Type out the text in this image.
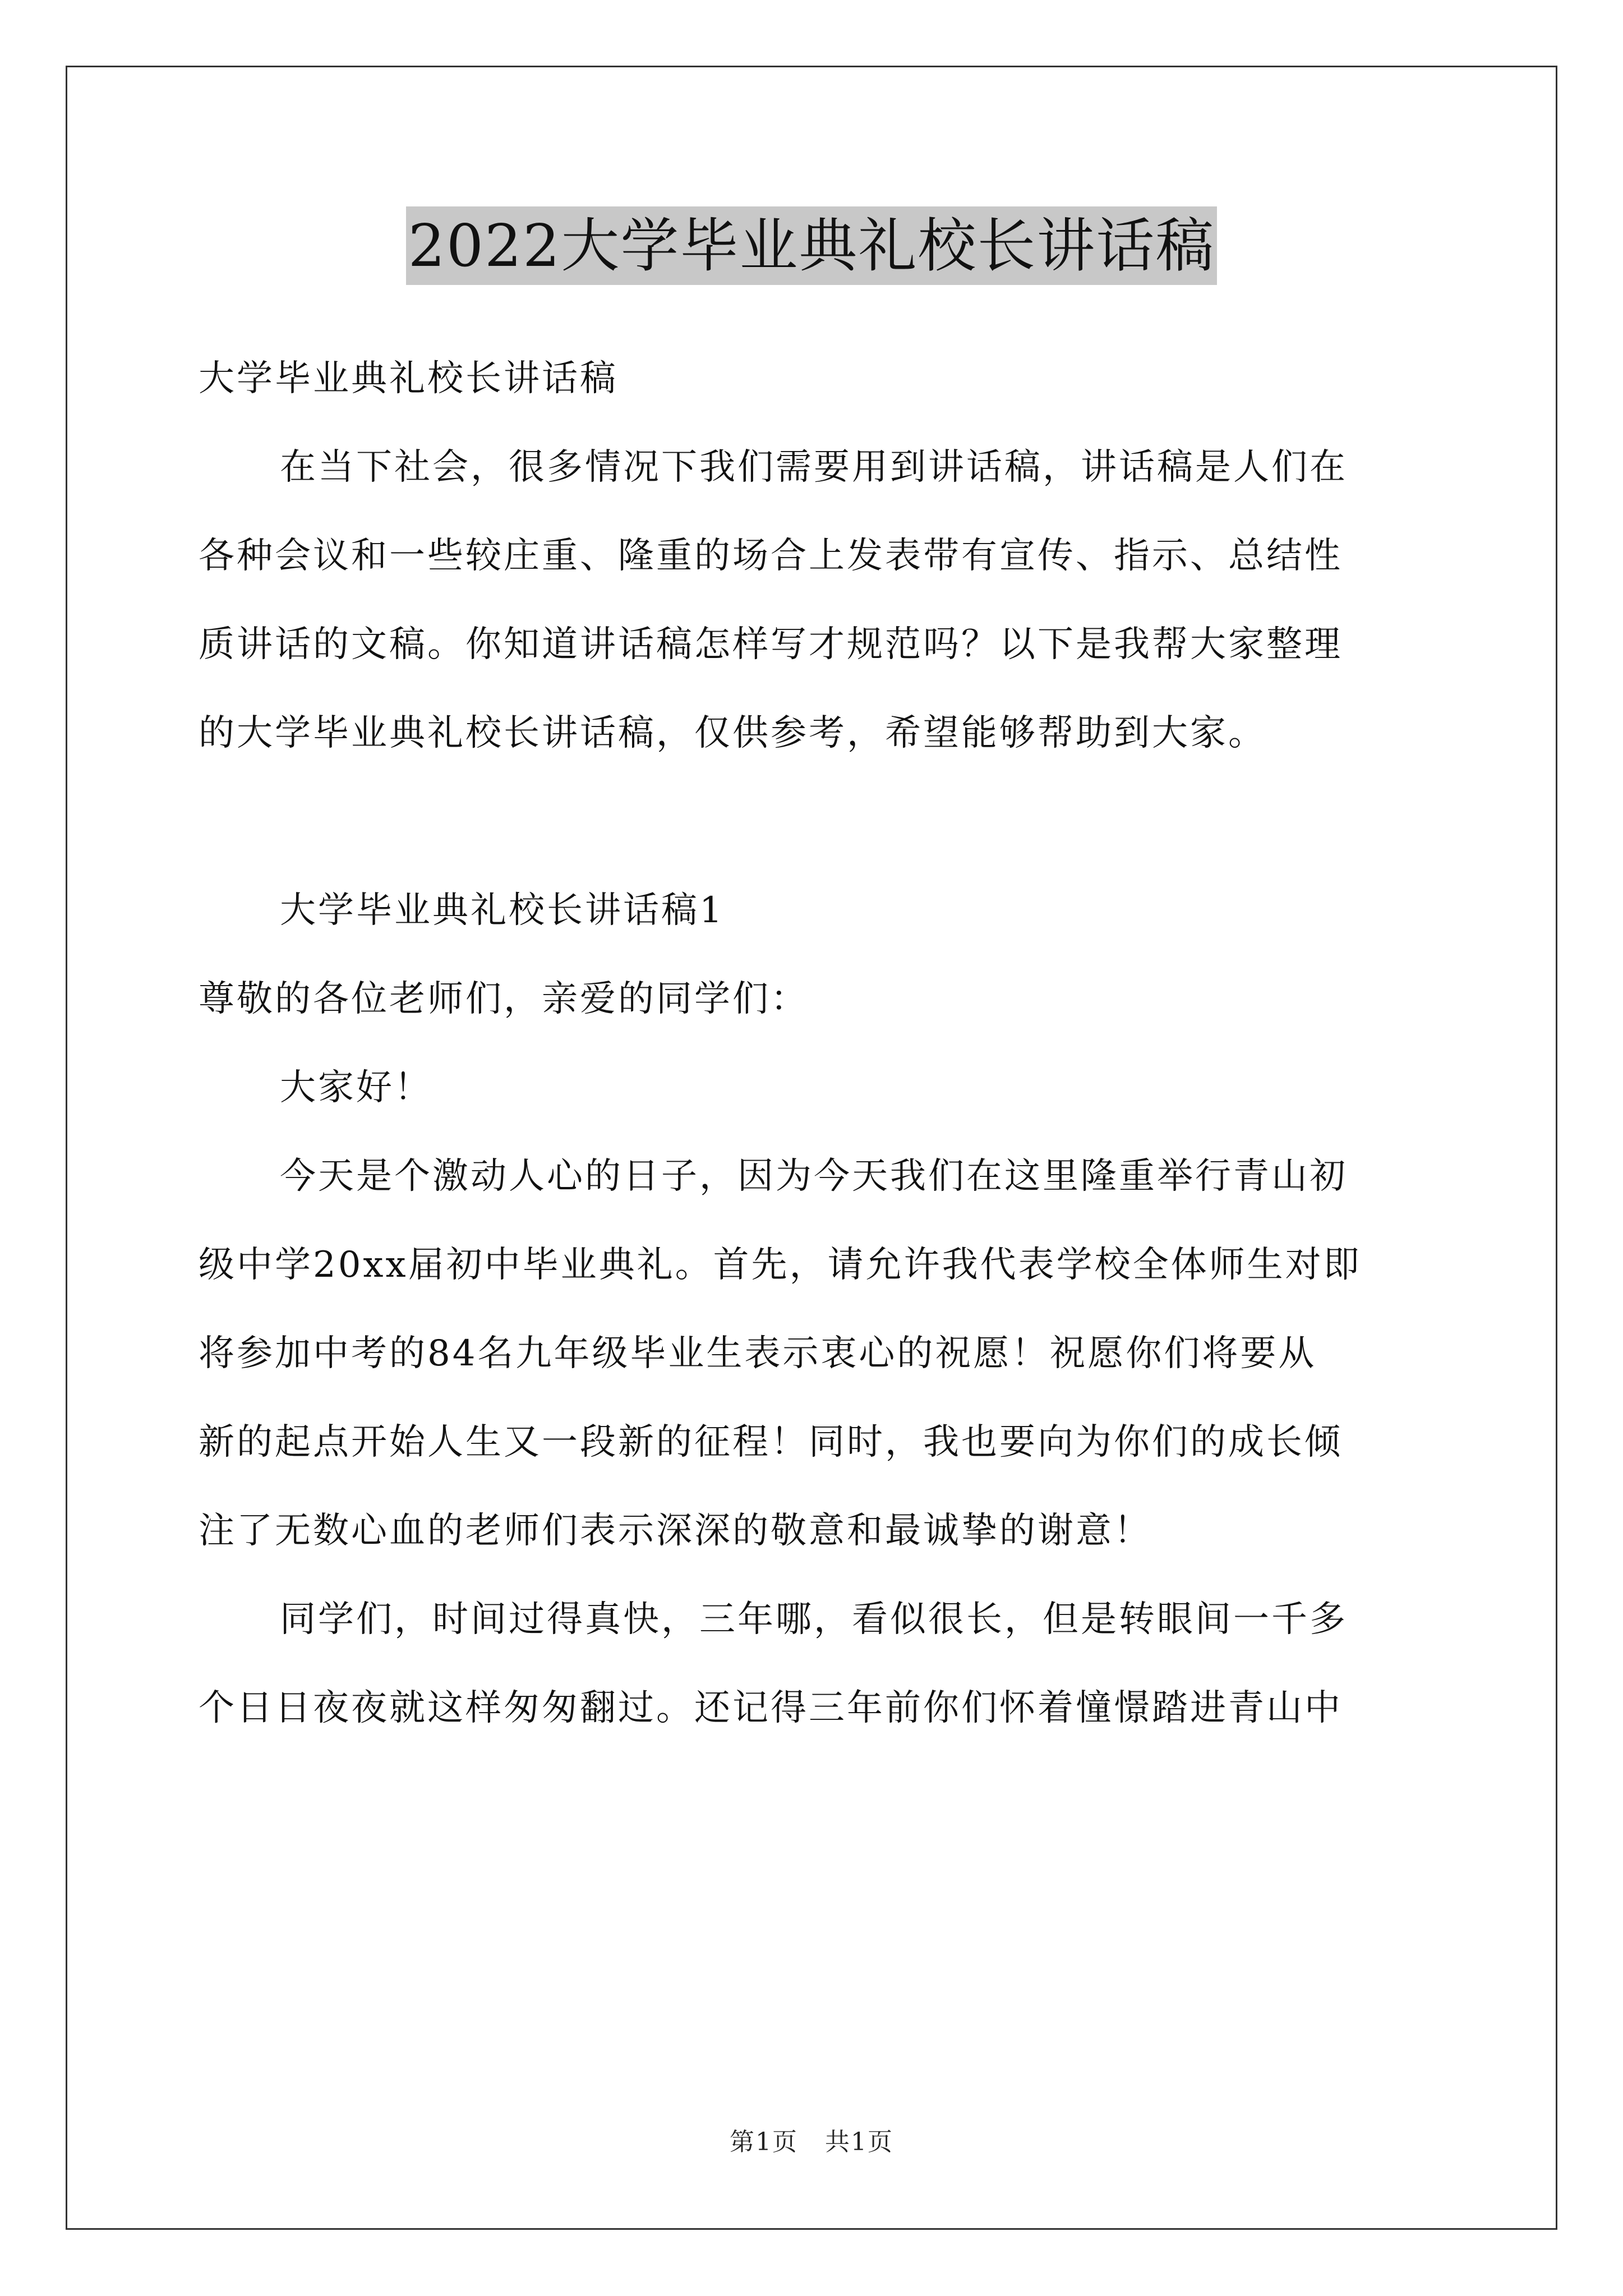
2022大学毕业典礼校长讲话稿
大学毕业典礼校长讲话稿
在当下社会，很多情况下我们需要用到讲话稿，讲话稿是人们在
各种会议和一些较庄重、隆重的场合上发表带有宣传、指示、总结性
质讲话的文稿。你知道讲话稿怎样写才规范吗？以下是我帮大家整理
的大学毕业典礼校长讲话稿，仅供参考，希望能够帮助到大家。
大学毕业典礼校长讲话稿1
尊敬的各位老师们，亲爱的同学们：
大家好！
今天是个激动人心的日子，因为今天我们在这里隆重举行青山初
级中学20xx届初中毕业典礼。首先，请允许我代表学校全体师生对即
将参加中考的84名九年级毕业生表示衷心的祝愿！祝愿你们将要从
新的起点开始人生又一段新的征程！同时，我也要向为你们的成长倾
注了无数心血的老师们表示深深的敬意和最诚挚的谢意！
同学们，时间过得真快，三年哪，看似很长，但是转眼间一千多
个日日夜夜就这样匆匆翻过。还记得三年前你们怀着憧憬踏进青山中
第1页 共1页
